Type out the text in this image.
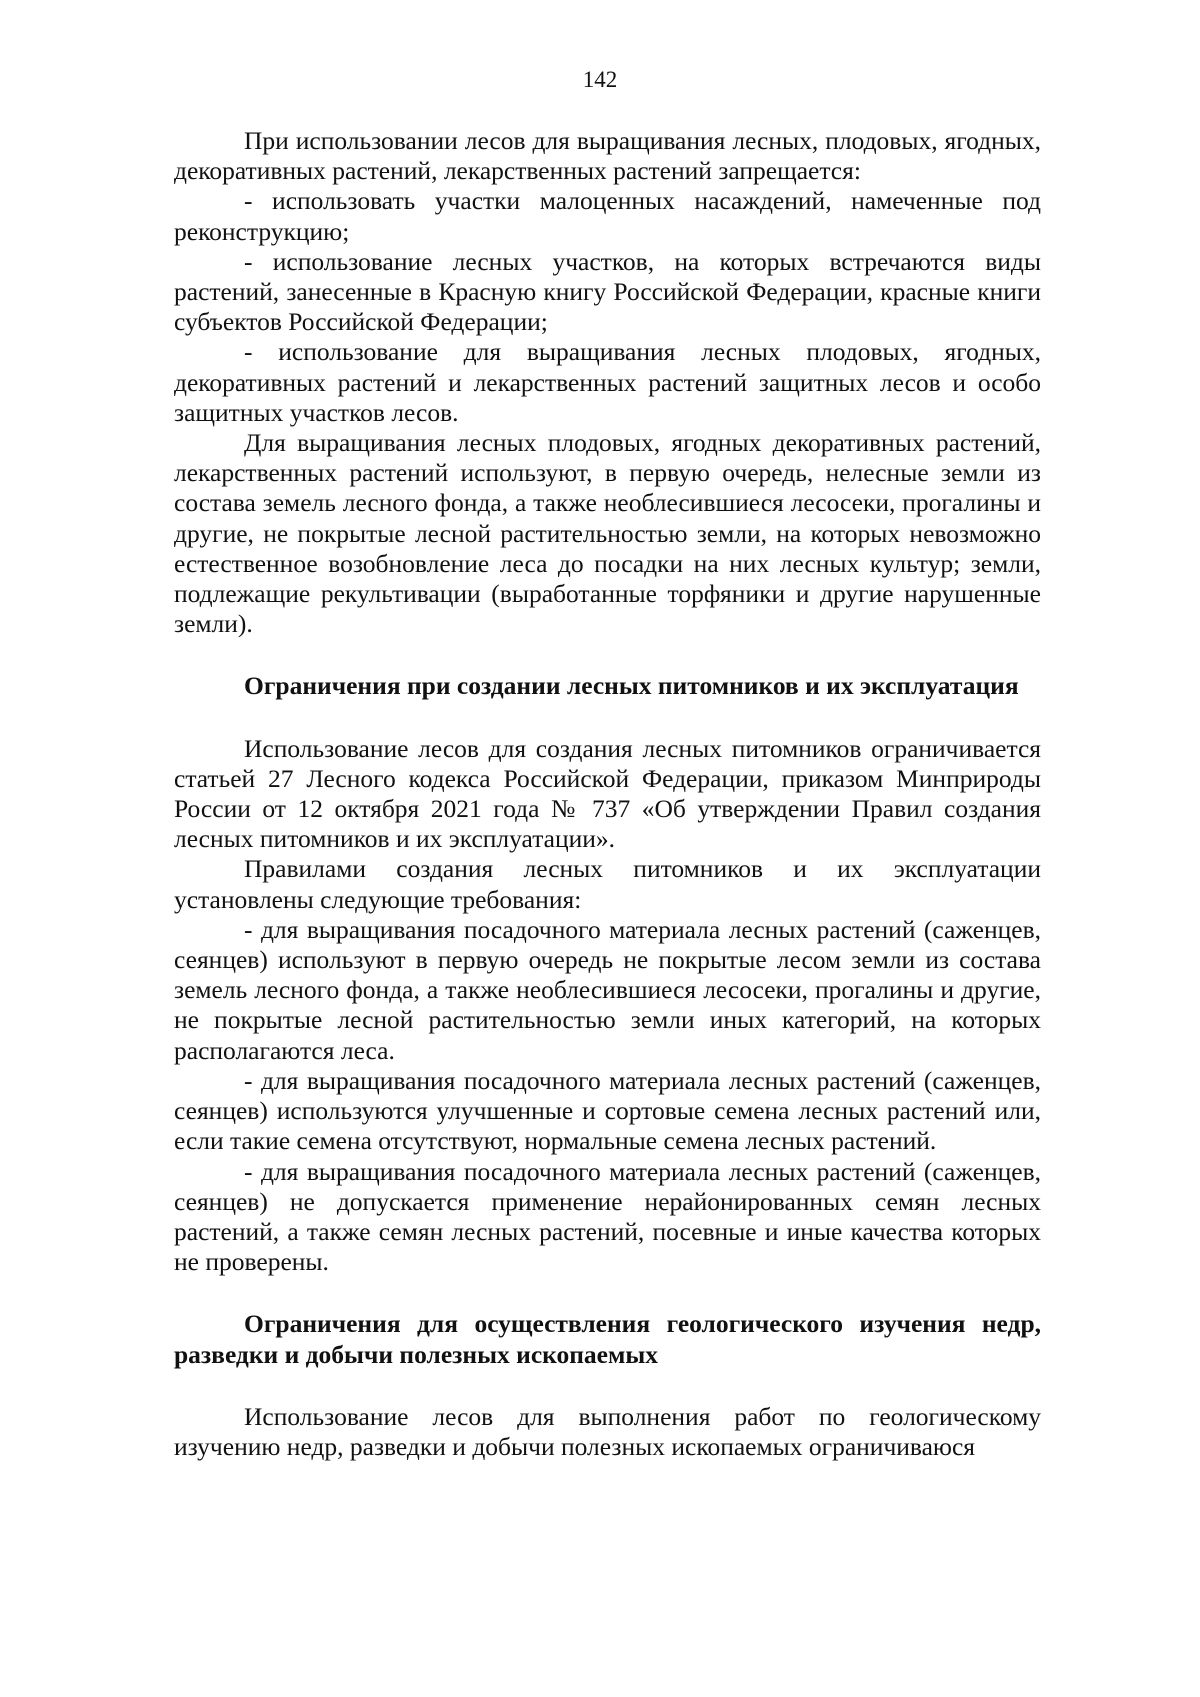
142

При использовании лесов для выращивания лесных, плодовых, ягодных, декоративных растений, лекарственных растений запрещается:

- использовать участки малоценных насаждений, намеченные под реконструкцию;

- использование лесных участков, на которых встречаются виды растений, занесенные в Красную книгу Российской Федерации, красные книги субъектов Российской Федерации;

- использование для выращивания лесных плодовых, ягодных, декоративных растений и лекарственных растений защитных лесов и особо защитных участков лесов.

Для выращивания лесных плодовых, ягодных декоративных растений, лекарственных растений используют, в первую очередь, нелесные земли из состава земель лесного фонда, а также необлесившиеся лесосеки, прогалины и другие, не покрытые лесной растительностью земли, на которых невозможно естественное возобновление леса до посадки на них лесных культур; земли, подлежащие рекультивации (выработанные торфяники и другие нарушенные земли).

Ограничения при создании лесных питомников и их эксплуатация

Использование лесов для создания лесных питомников ограничивается статьей 27 Лесного кодекса Российской Федерации, приказом Минприроды России от 12 октября 2021 года № 737 «Об утверждении Правил создания лесных питомников и их эксплуатации».

Правилами создания лесных питомников и их эксплуатации установлены следующие требования:

- для выращивания посадочного материала лесных растений (саженцев, сеянцев) используют в первую очередь не покрытые лесом земли из состава земель лесного фонда, а также необлесившиеся лесосеки, прогалины и другие, не покрытые лесной растительностью земли иных категорий, на которых располагаются леса.

- для выращивания посадочного материала лесных растений (саженцев, сеянцев) используются улучшенные и сортовые семена лесных растений или, если такие семена отсутствуют, нормальные семена лесных растений.

- для выращивания посадочного материала лесных растений (саженцев, сеянцев) не допускается применение нерайонированных семян лесных растений, а также семян лесных растений, посевные и иные качества которых не проверены.

Ограничения для осуществления геологического изучения недр, разведки и добычи полезных ископаемых

Использование лесов для выполнения работ по геологическому изучению недр, разведки и добычи полезных ископаемых ограничиваюся
